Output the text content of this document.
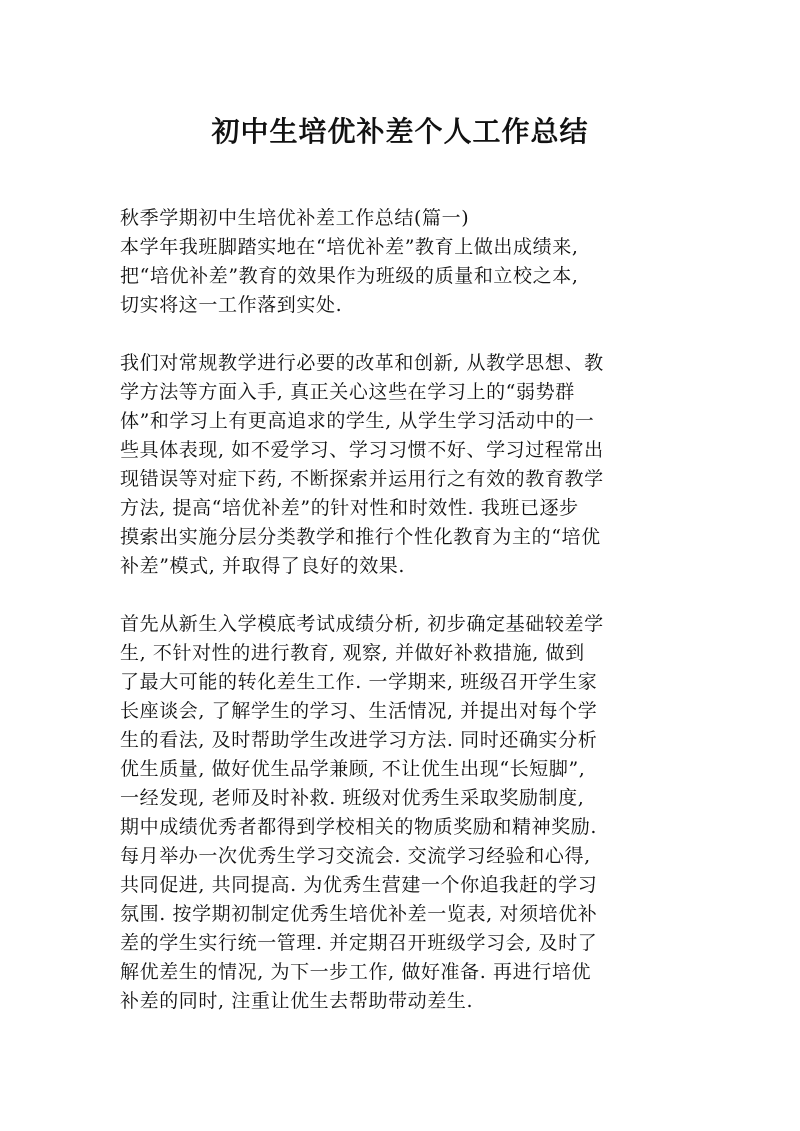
初中生培优补差个人工作总结
秋季学期初中生培优补差工作总结(篇一)
本学年我班脚踏实地在“培优补差”教育上做出成绩来,
把“培优补差”教育的效果作为班级的质量和立校之本,
切实将这一工作落到实处.
我们对常规教学进行必要的改革和创新, 从教学思想、教
学方法等方面入手, 真正关心这些在学习上的“弱势群
体”和学习上有更高追求的学生, 从学生学习活动中的一
些具体表现, 如不爱学习、学习习惯不好、学习过程常出
现错误等对症下药, 不断探索并运用行之有效的教育教学
方法, 提高“培优补差”的针对性和时效性. 我班已逐步
摸索出实施分层分类教学和推行个性化教育为主的“培优
补差”模式, 并取得了良好的效果.
首先从新生入学模底考试成绩分析, 初步确定基础较差学
生, 不针对性的进行教育, 观察, 并做好补救措施, 做到
了最大可能的转化差生工作. 一学期来, 班级召开学生家
长座谈会, 了解学生的学习、生活情况, 并提出对每个学
生的看法, 及时帮助学生改进学习方法. 同时还确实分析
优生质量, 做好优生品学兼顾, 不让优生出现“长短脚”,
一经发现, 老师及时补救. 班级对优秀生采取奖励制度,
期中成绩优秀者都得到学校相关的物质奖励和精神奖励.
每月举办一次优秀生学习交流会. 交流学习经验和心得,
共同促进, 共同提高. 为优秀生营建一个你追我赶的学习
氛围. 按学期初制定优秀生培优补差一览表, 对须培优补
差的学生实行统一管理. 并定期召开班级学习会, 及时了
解优差生的情况, 为下一步工作, 做好准备. 再进行培优
补差的同时, 注重让优生去帮助带动差生.
